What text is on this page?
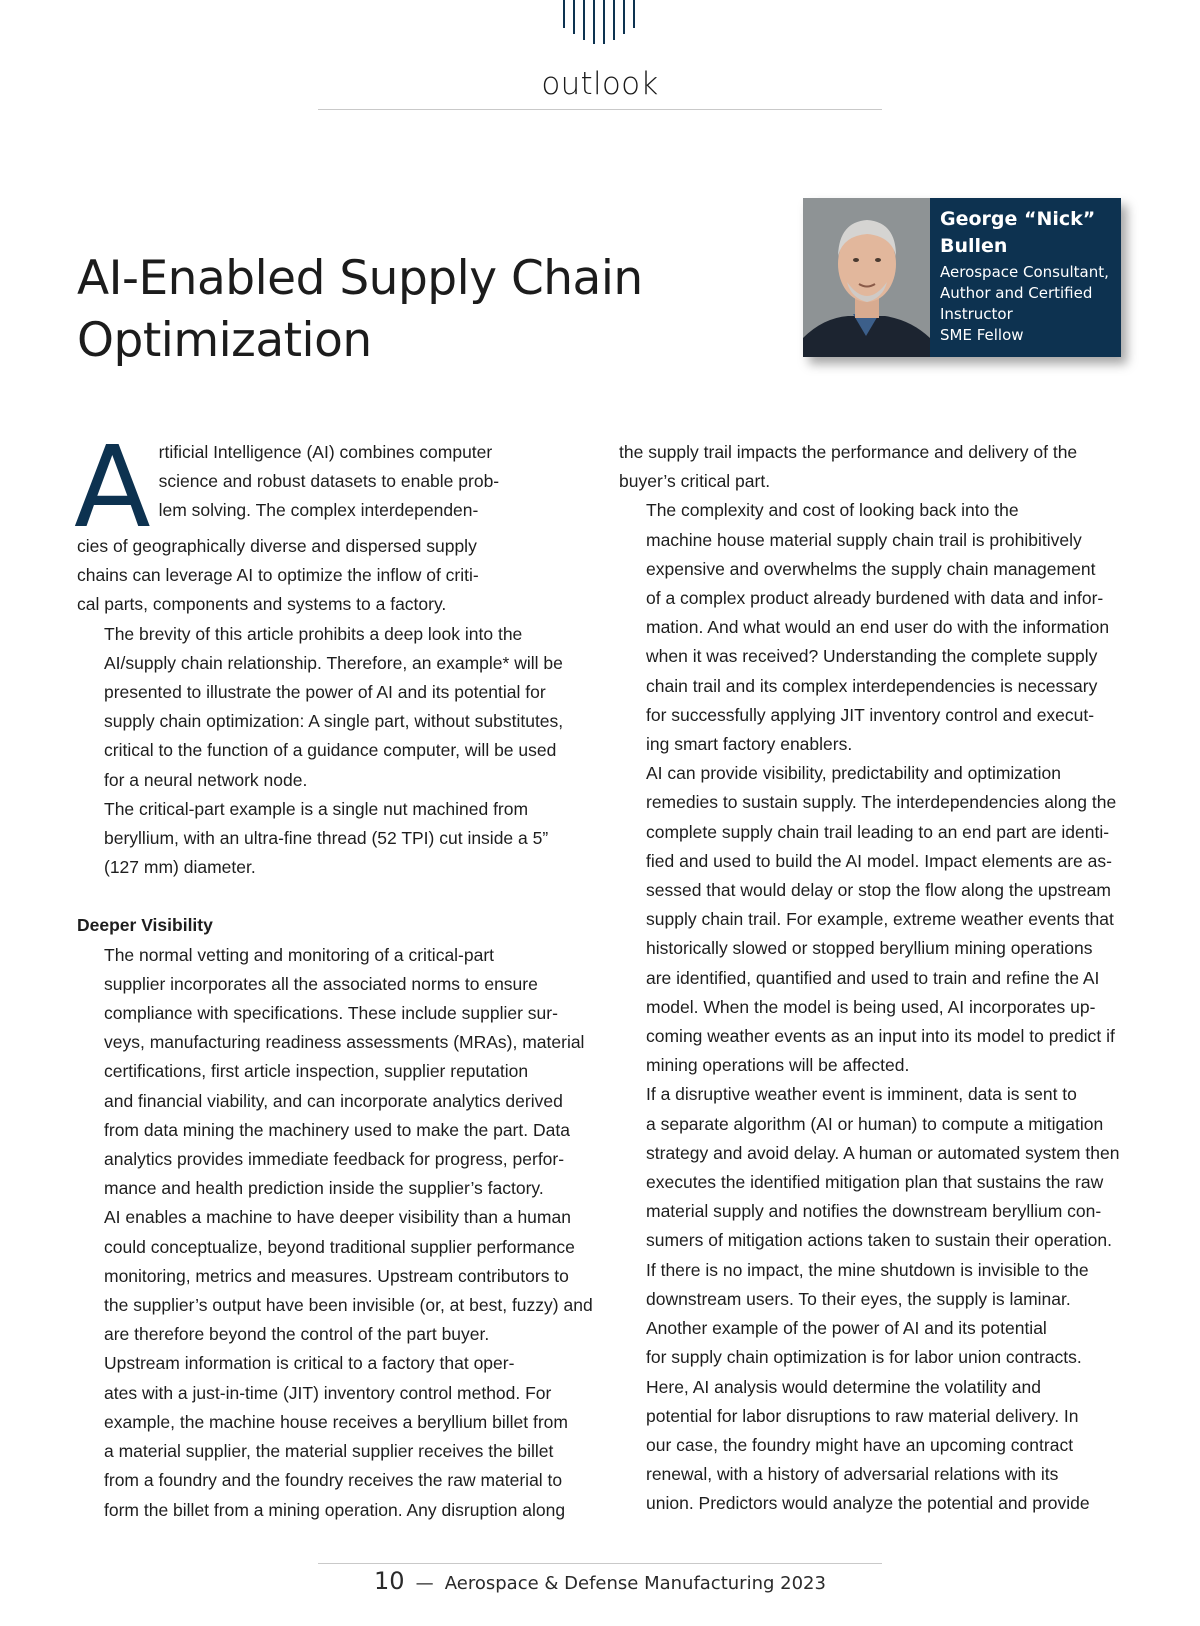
outlook
AI-Enabled Supply Chain Optimization
George “Nick” Bullen
Aerospace Consultant, Author and Certified Instructor
SME Fellow

A rtificial Intelligence (AI) combines computer
science and robust datasets to enable prob-
lem solving. The complex interdependen-
cies of geographically diverse and dispersed supply
chains can leverage AI to optimize the inflow of criti-
cal parts, components and systems to a factory.

The brevity of this article prohibits a deep look into the
AI/supply chain relationship. Therefore, an example* will be
presented to illustrate the power of AI and its potential for
supply chain optimization: A single part, without substitutes,
critical to the function of a guidance computer, will be used
for a neural network node.

The critical-part example is a single nut machined from
beryllium, with an ultra-fine thread (52 TPI) cut inside a 5”
(127 mm) diameter.

Deeper Visibility

The normal vetting and monitoring of a critical-part
supplier incorporates all the associated norms to ensure
compliance with specifications. These include supplier sur-
veys, manufacturing readiness assessments (MRAs), material
certifications, first article inspection, supplier reputation
and financial viability, and can incorporate analytics derived
from data mining the machinery used to make the part. Data
analytics provides immediate feedback for progress, perfor-
mance and health prediction inside the supplier’s factory.

AI enables a machine to have deeper visibility than a human
could conceptualize, beyond traditional supplier performance
monitoring, metrics and measures. Upstream contributors to
the supplier’s output have been invisible (or, at best, fuzzy) and
are therefore beyond the control of the part buyer.

Upstream information is critical to a factory that oper-
ates with a just-in-time (JIT) inventory control method. For
example, the machine house receives a beryllium billet from
a material supplier, the material supplier receives the billet
from a foundry and the foundry receives the raw material to
form the billet from a mining operation. Any disruption along

the supply trail impacts the performance and delivery of the
buyer’s critical part.

The complexity and cost of looking back into the
machine house material supply chain trail is prohibitively
expensive and overwhelms the supply chain management
of a complex product already burdened with data and infor-
mation. And what would an end user do with the information
when it was received? Understanding the complete supply
chain trail and its complex interdependencies is necessary
for successfully applying JIT inventory control and execut-
ing smart factory enablers.

AI can provide visibility, predictability and optimization
remedies to sustain supply. The interdependencies along the
complete supply chain trail leading to an end part are identi-
fied and used to build the AI model. Impact elements are as-
sessed that would delay or stop the flow along the upstream
supply chain trail. For example, extreme weather events that
historically slowed or stopped beryllium mining operations
are identified, quantified and used to train and refine the AI
model. When the model is being used, AI incorporates up-
coming weather events as an input into its model to predict if
mining operations will be affected.

If a disruptive weather event is imminent, data is sent to
a separate algorithm (AI or human) to compute a mitigation
strategy and avoid delay. A human or automated system then
executes the identified mitigation plan that sustains the raw
material supply and notifies the downstream beryllium con-
sumers of mitigation actions taken to sustain their operation.
If there is no impact, the mine shutdown is invisible to the
downstream users. To their eyes, the supply is laminar.

Another example of the power of AI and its potential
for supply chain optimization is for labor union contracts.
Here, AI analysis would determine the volatility and
potential for labor disruptions to raw material delivery. In
our case, the foundry might have an upcoming contract
renewal, with a history of adversarial relations with its
union. Predictors would analyze the potential and provide

10 — Aerospace & Defense Manufacturing 2023
